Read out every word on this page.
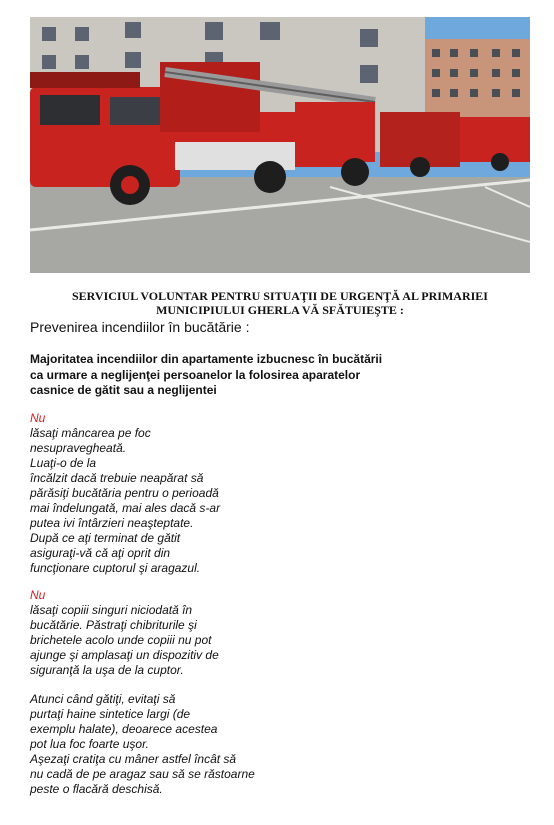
SERVICIUL VOLUNTAR PENTRU SITUAŢII DE URGENŢĂ AL PRIMARIEI
MUNICIPIULUI GHERLA VĂ SFĂTUIEŞTE :

Prevenirea incendiilor în bucătărie :

Majoritatea incendiilor din apartamente izbucnesc în bucătării
ca urmare a neglijenţei persoanelor la folosirea aparatelor
casnice de gătit sau a neglijentei

Nu
lăsaţi mâncarea pe foc
nesupravegheată.
Luaţi-o de la
încălzit dacă trebuie neapărat să
părăsiţi bucătăria pentru o perioadă
mai îndelungată, mai ales dacă s-ar
putea ivi întârzieri neaşteptate.
După ce aţi terminat de gătit
asiguraţi-vă că aţi oprit din
funcţionare cuptorul şi aragazul.

Nu
lăsaţi copiii singuri niciodată în
bucătărie. Păstraţi chibriturile şi
brichetele acolo unde copiii nu pot
ajunge şi amplasaţi un dispozitiv de
siguranţă la uşa de la cuptor.

Atunci când gătiţi, evitaţi să
purtaţi haine sintetice largi (de
exemplu halate), deoarece acestea
pot lua foc foarte uşor.
Aşezaţi cratiţa cu mâner astfel încât să
nu cadă de pe aragaz sau să se răstoarne
peste o flacără deschisă.
